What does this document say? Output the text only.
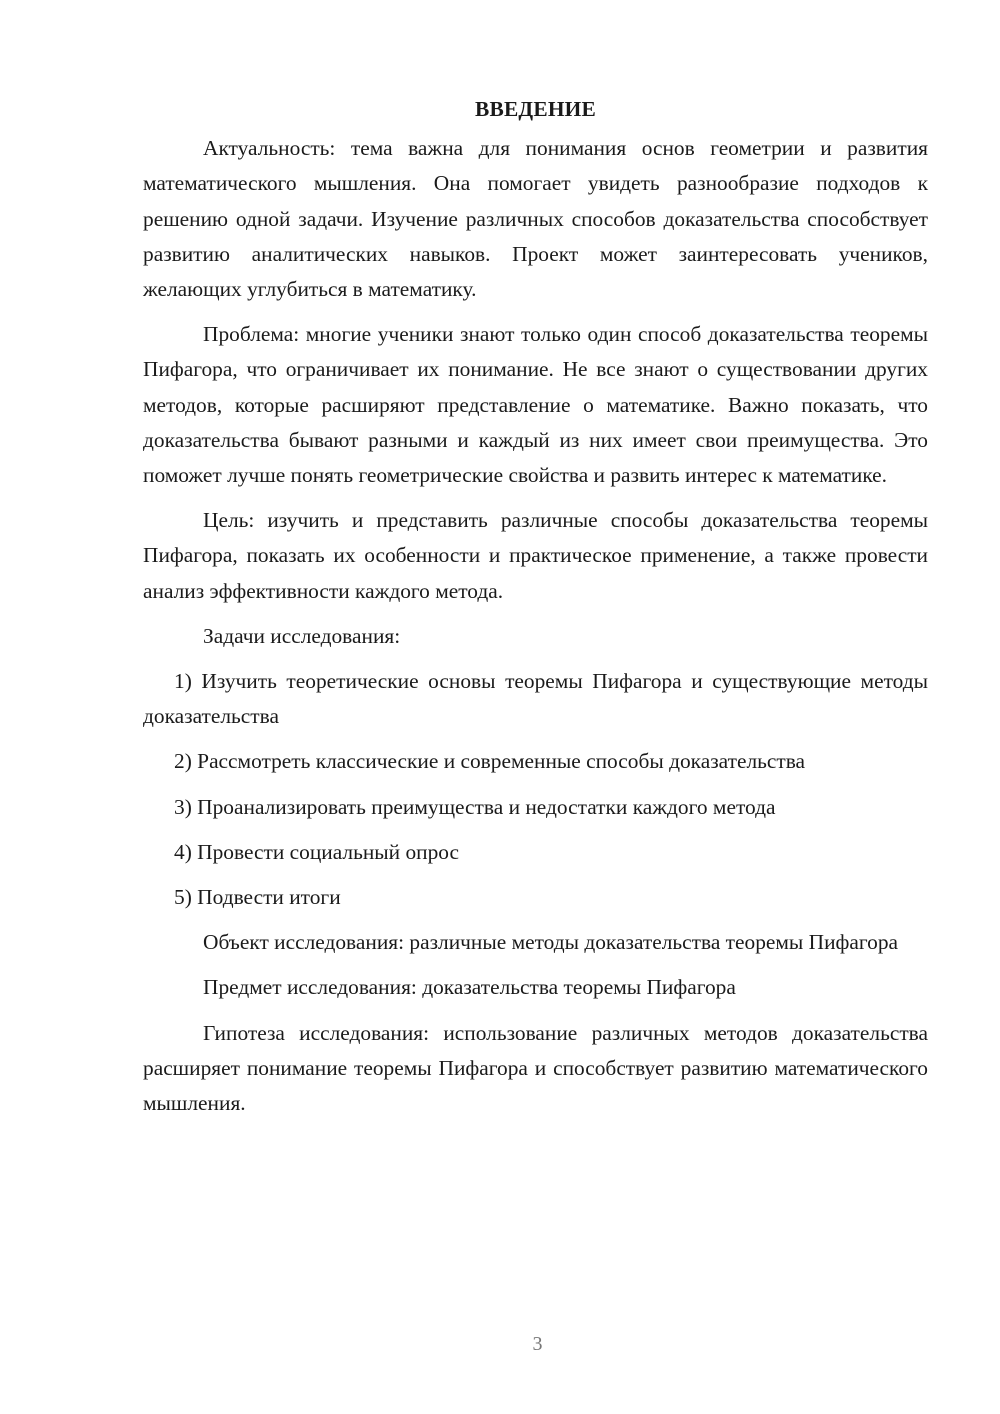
ВВЕДЕНИЕ

Актуальность: тема важна для понимания основ геометрии и развития математического мышления. Она помогает увидеть разнообразие подходов к решению одной задачи. Изучение различных способов доказательства способствует развитию аналитических навыков. Проект может заинтересовать учеников, желающих углубиться в математику.

Проблема: многие ученики знают только один способ доказательства теоремы Пифагора, что ограничивает их понимание. Не все знают о существовании других методов, которые расширяют представление о математике. Важно показать, что доказательства бывают разными и каждый из них имеет свои преимущества. Это поможет лучше понять геометрические свойства и развить интерес к математике.

Цель: изучить и представить различные способы доказательства теоремы Пифагора, показать их особенности и практическое применение, а также провести анализ эффективности каждого метода.

Задачи исследования:

1) Изучить теоретические основы теоремы Пифагора и существующие методы доказательства

2) Рассмотреть классические и современные способы доказательства

3) Проанализировать преимущества и недостатки каждого метода

4) Провести социальный опрос

5) Подвести итоги

Объект исследования: различные методы доказательства теоремы Пифагора

Предмет исследования: доказательства теоремы Пифагора

Гипотеза исследования: использование различных методов доказательства расширяет понимание теоремы Пифагора и способствует развитию математического мышления.

3
